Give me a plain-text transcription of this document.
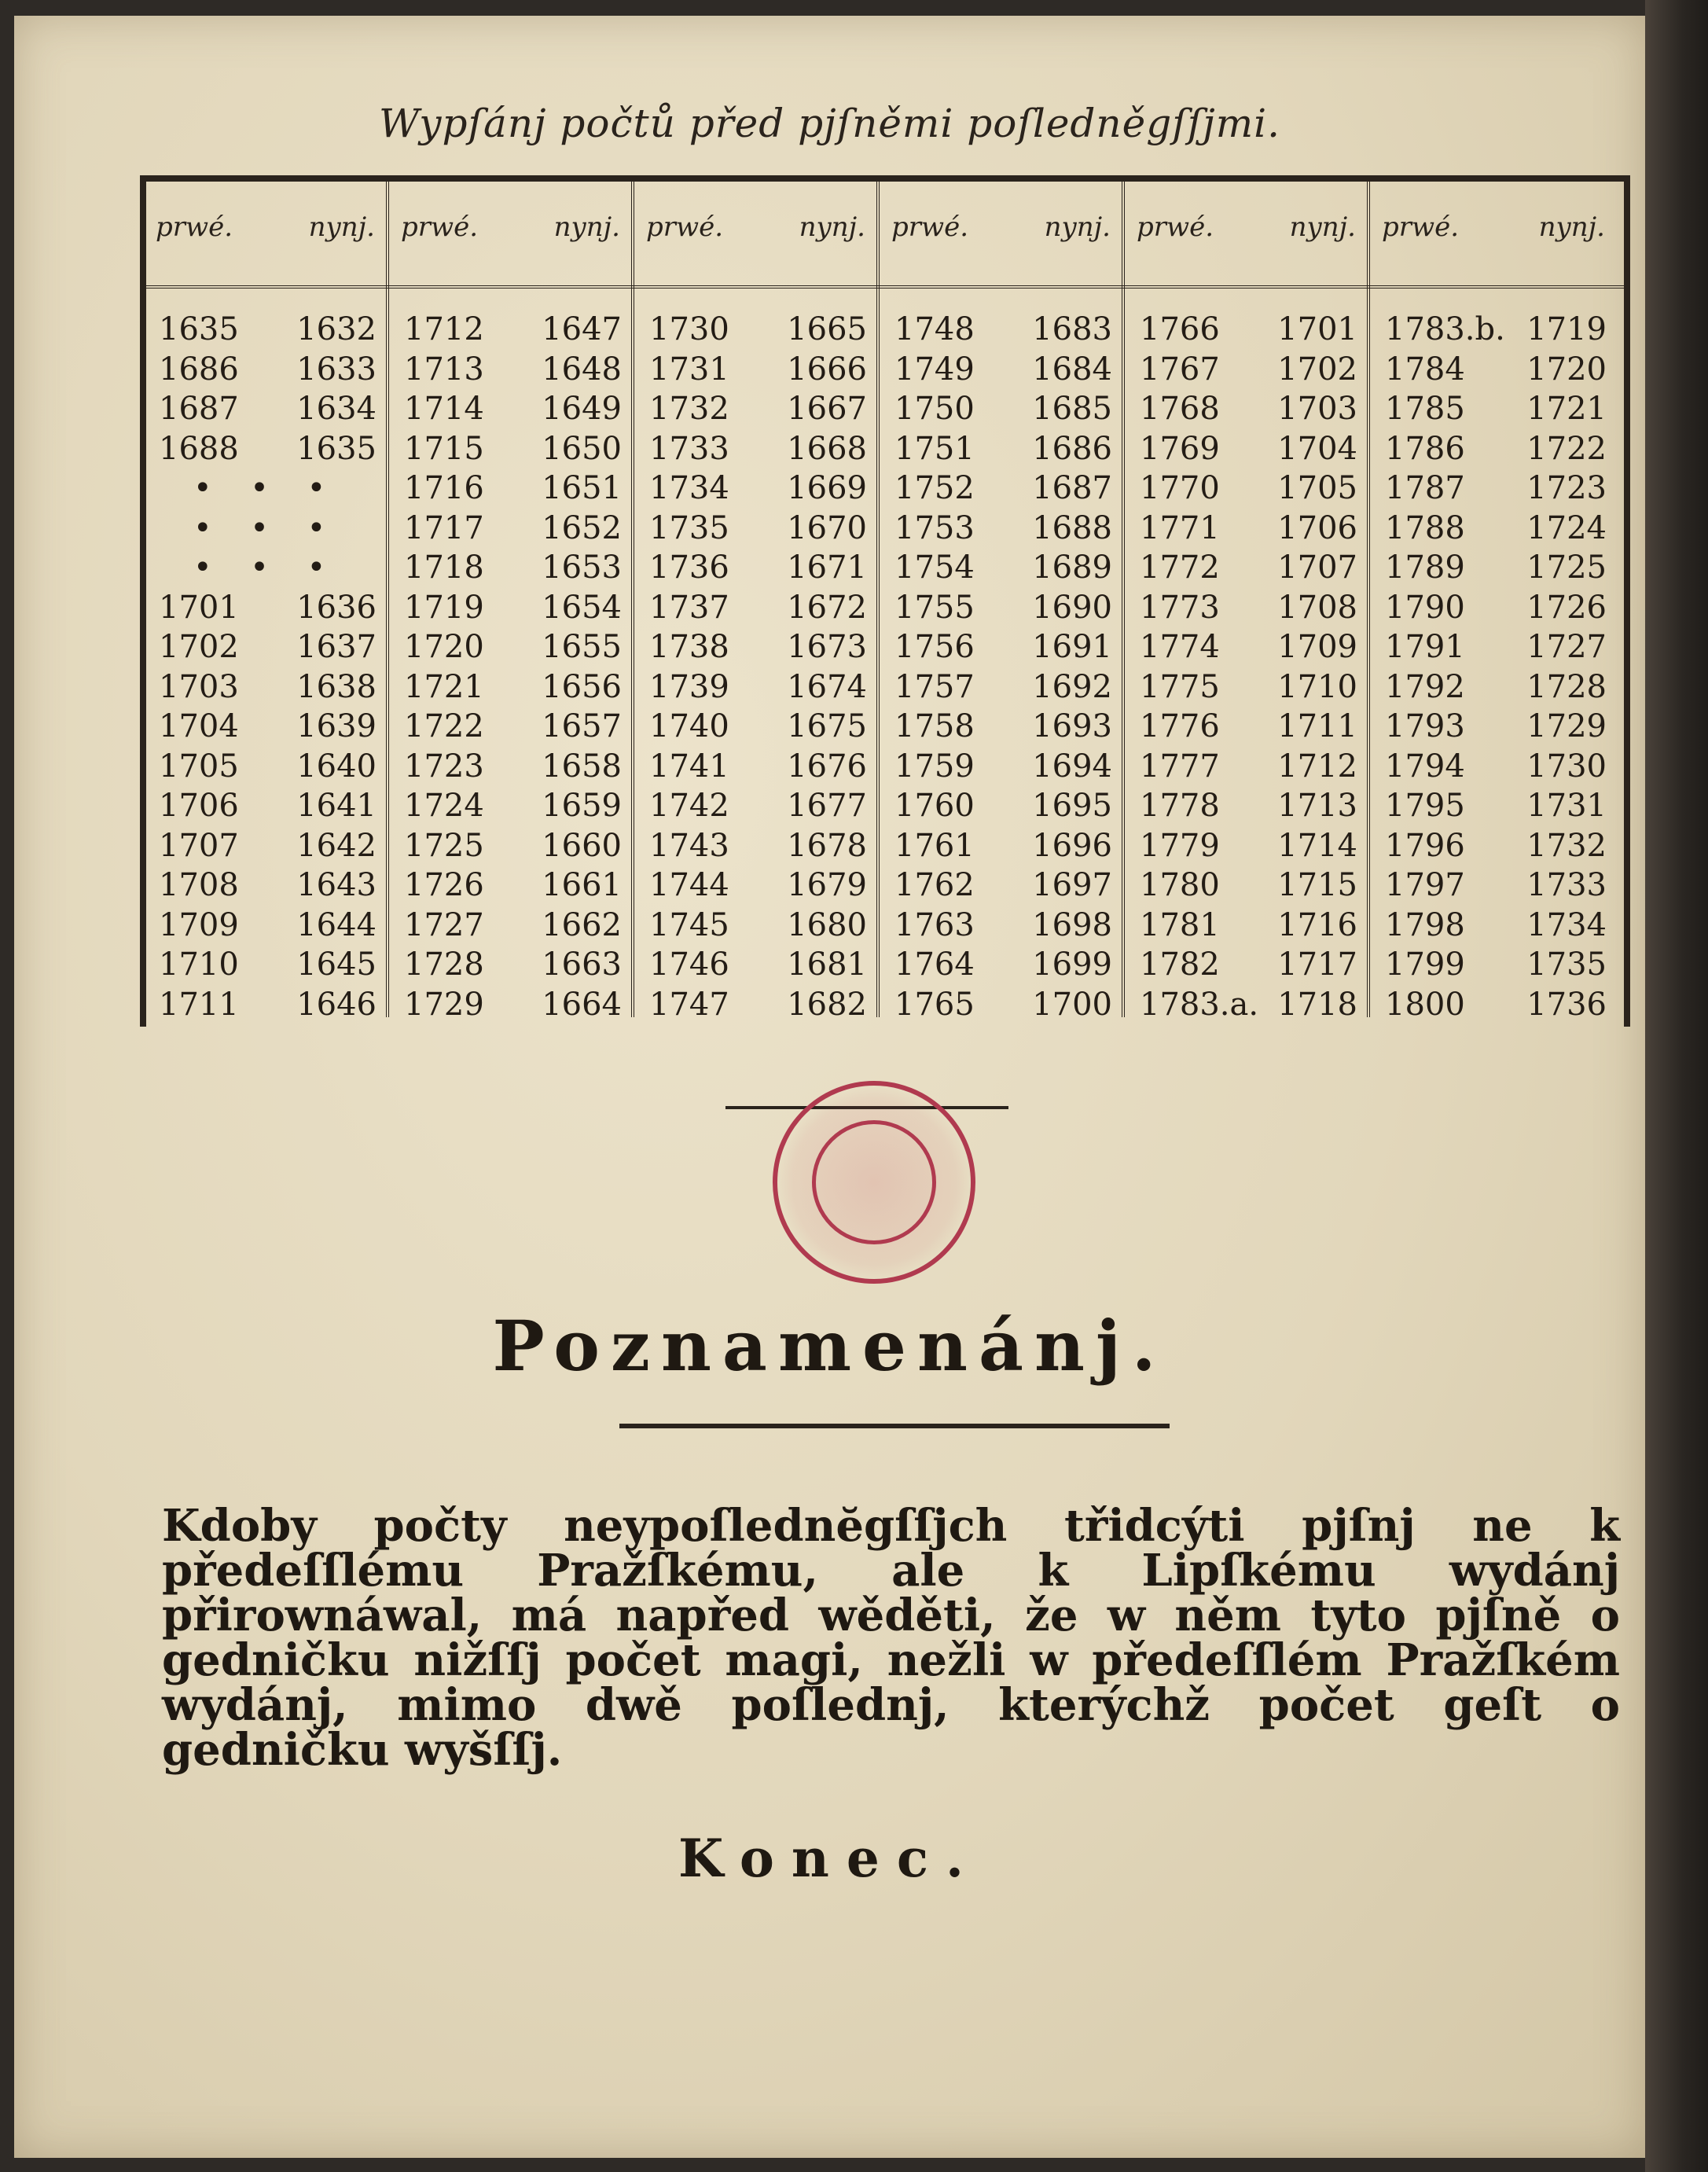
Wypſánj počtů před pjſněmi poſledněgſſjmi.
prwé.	nynj.
1635 1632
1686 1633
1687 1634
1688 1635
• • •
• • •
• • •
1701 1636
1702 1637
1703 1638
1704 1639
1705 1640
1706 1641
1707 1642
1708 1643
1709 1644
1710 1645
1711 1646
prwé.	nynj.
1712 1647
1713 1648
1714 1649
1715 1650
1716 1651
1717 1652
1718 1653
1719 1654
1720 1655
1721 1656
1722 1657
1723 1658
1724 1659
1725 1660
1726 1661
1727 1662
1728 1663
1729 1664
prwé.	nynj.
1730 1665
1731 1666
1732 1667
1733 1668
1734 1669
1735 1670
1736 1671
1737 1672
1738 1673
1739 1674
1740 1675
1741 1676
1742 1677
1743 1678
1744 1679
1745 1680
1746 1681
1747 1682
prwé.	nynj.
1748 1683
1749 1684
1750 1685
1751 1686
1752 1687
1753 1688
1754 1689
1755 1690
1756 1691
1757 1692
1758 1693
1759 1694
1760 1695
1761 1696
1762 1697
1763 1698
1764 1699
1765 1700
prwé.	nynj.
1766 1701
1767 1702
1768 1703
1769 1704
1770 1705
1771 1706
1772 1707
1773 1708
1774 1709
1775 1710
1776 1711
1777 1712
1778 1713
1779 1714
1780 1715
1781 1716
1782 1717
1783.a. 1718
prwé.	nynj.
1783.b. 1719
1784 1720
1785 1721
1786 1722
1787 1723
1788 1724
1789 1725
1790 1726
1791 1727
1792 1728
1793 1729
1794 1730
1795 1731
1796 1732
1797 1733
1798 1734
1799 1735
1800 1736
Poznamenánj.
Kdoby počty neypoſlednĕgſſjch třidcýti pjſnj ne k předeſſlému Pražſkému, ale k Lipſkému wydánj přirownáwal, má napřed wěděti, že w něm tyto pjſně o gedničku nižſſj počet magi, nežli w předeſſlém Pražſkém wydánj, mimo dwě poſlednj, kterýchž počet geſt o gedničku wyšſſj.
Konec.
